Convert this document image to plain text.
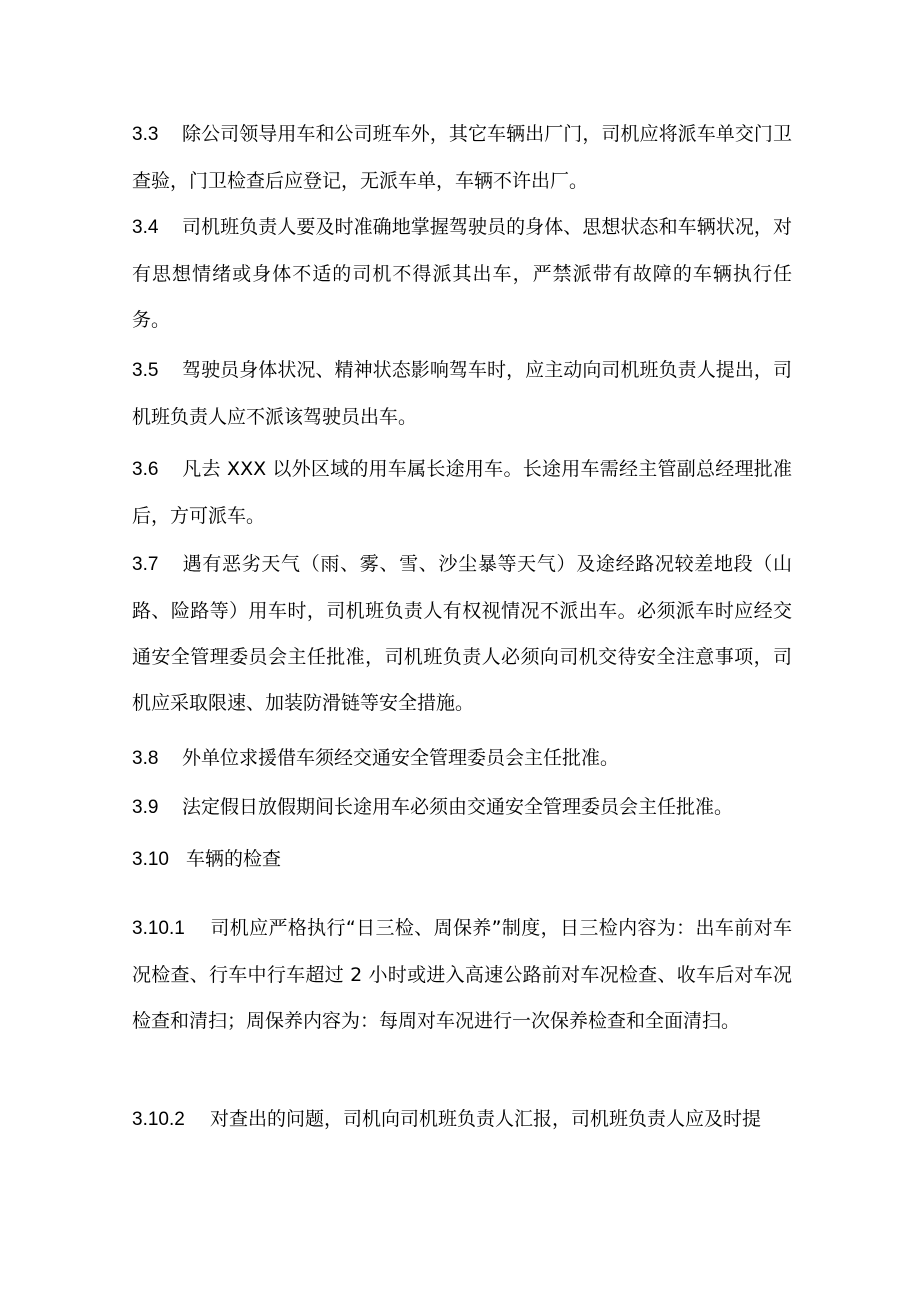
3.3 除公司领导用车和公司班车外，其它车辆出厂门，司机应将派车单交门卫查验，门卫检查后应登记，无派车单，车辆不许出厂。

3.4 司机班负责人要及时准确地掌握驾驶员的身体、思想状态和车辆状况，对有思想情绪或身体不适的司机不得派其出车，严禁派带有故障的车辆执行任务。

3.5 驾驶员身体状况、精神状态影响驾车时，应主动向司机班负责人提出，司机班负责人应不派该驾驶员出车。

3.6 凡去 XXX 以外区域的用车属长途用车。长途用车需经主管副总经理批准后，方可派车。

3.7 遇有恶劣天气（雨、雾、雪、沙尘暴等天气）及途经路况较差地段（山路、险路等）用车时，司机班负责人有权视情况不派出车。必须派车时应经交通安全管理委员会主任批准，司机班负责人必须向司机交待安全注意事项，司机应采取限速、加装防滑链等安全措施。

3.8 外单位求援借车须经交通安全管理委员会主任批准。

3.9 法定假日放假期间长途用车必须由交通安全管理委员会主任批准。

3.10 车辆的检查

3.10.1 司机应严格执行“日三检、周保养”制度，日三检内容为：出车前对车况检查、行车中行车超过 2 小时或进入高速公路前对车况检查、收车后对车况检查和清扫；周保养内容为：每周对车况进行一次保养检查和全面清扫。

3.10.2 对查出的问题，司机向司机班负责人汇报，司机班负责人应及时提
